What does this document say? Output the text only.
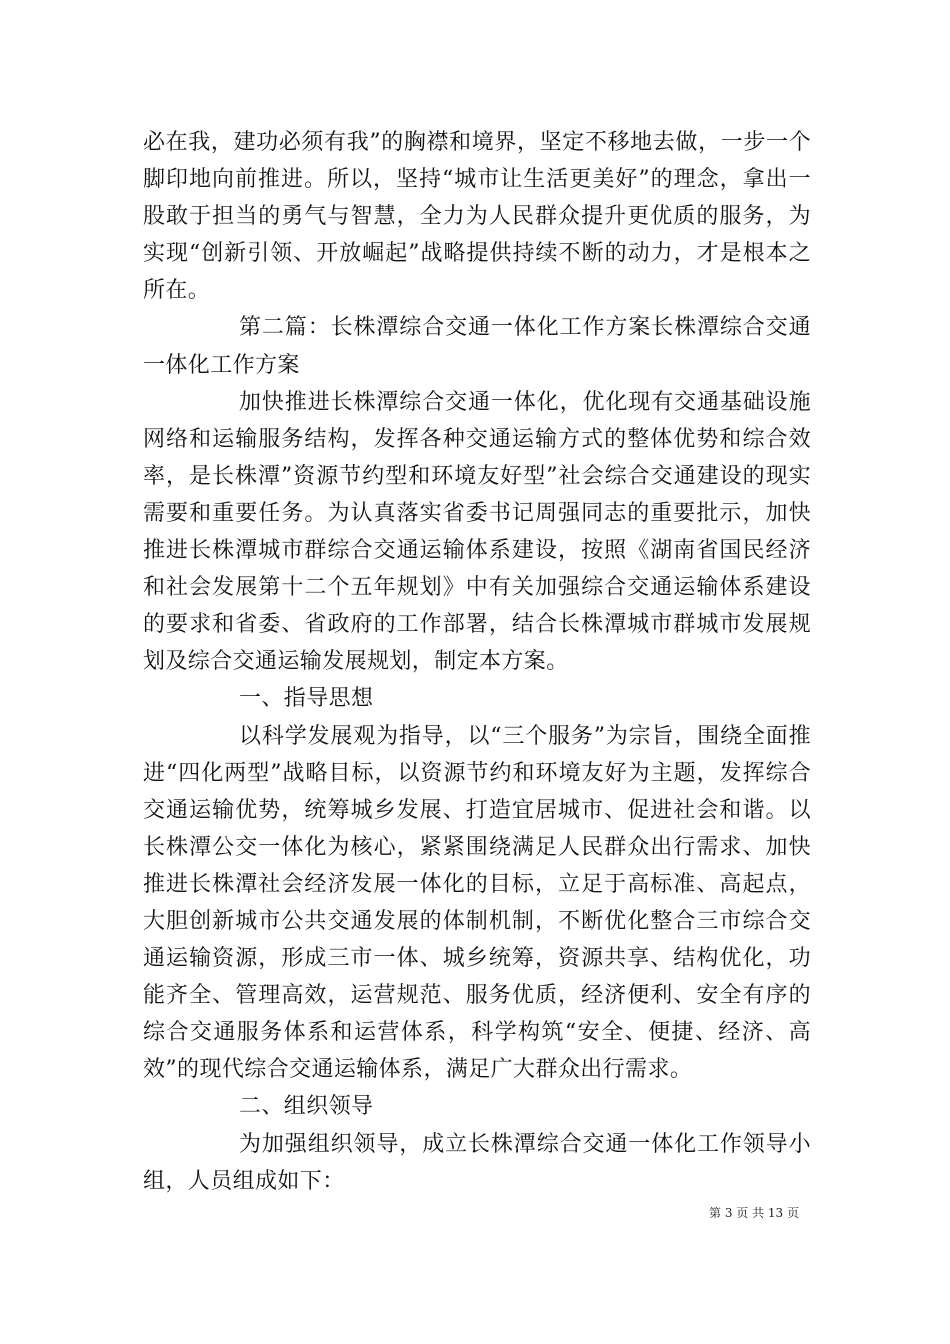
必在我，建功必须有我”的胸襟和境界，坚定不移地去做，一步一个脚印地向前推进。所以，坚持“城市让生活更美好”的理念，拿出一股敢于担当的勇气与智慧，全力为人民群众提升更优质的服务，为实现“创新引领、开放崛起”战略提供持续不断的动力，才是根本之所在。

第二篇：长株潭综合交通一体化工作方案长株潭综合交通一体化工作方案

加快推进长株潭综合交通一体化，优化现有交通基础设施网络和运输服务结构，发挥各种交通运输方式的整体优势和综合效率，是长株潭”资源节约型和环境友好型”社会综合交通建设的现实需要和重要任务。为认真落实省委书记周强同志的重要批示，加快推进长株潭城市群综合交通运输体系建设，按照《湖南省国民经济和社会发展第十二个五年规划》中有关加强综合交通运输体系建设的要求和省委、省政府的工作部署，结合长株潭城市群城市发展规划及综合交通运输发展规划，制定本方案。

一、指导思想

以科学发展观为指导，以“三个服务”为宗旨，围绕全面推进“四化两型”战略目标，以资源节约和环境友好为主题，发挥综合交通运输优势，统筹城乡发展、打造宜居城市、促进社会和谐。以长株潭公交一体化为核心，紧紧围绕满足人民群众出行需求、加快推进长株潭社会经济发展一体化的目标，立足于高标准、高起点，大胆创新城市公共交通发展的体制机制，不断优化整合三市综合交通运输资源，形成三市一体、城乡统筹，资源共享、结构优化，功能齐全、管理高效，运营规范、服务优质，经济便利、安全有序的综合交通服务体系和运营体系，科学构筑“安全、便捷、经济、高效”的现代综合交通运输体系，满足广大群众出行需求。

二、组织领导

为加强组织领导，成立长株潭综合交通一体化工作领导小组，人员组成如下：

第 3 页 共 13 页
